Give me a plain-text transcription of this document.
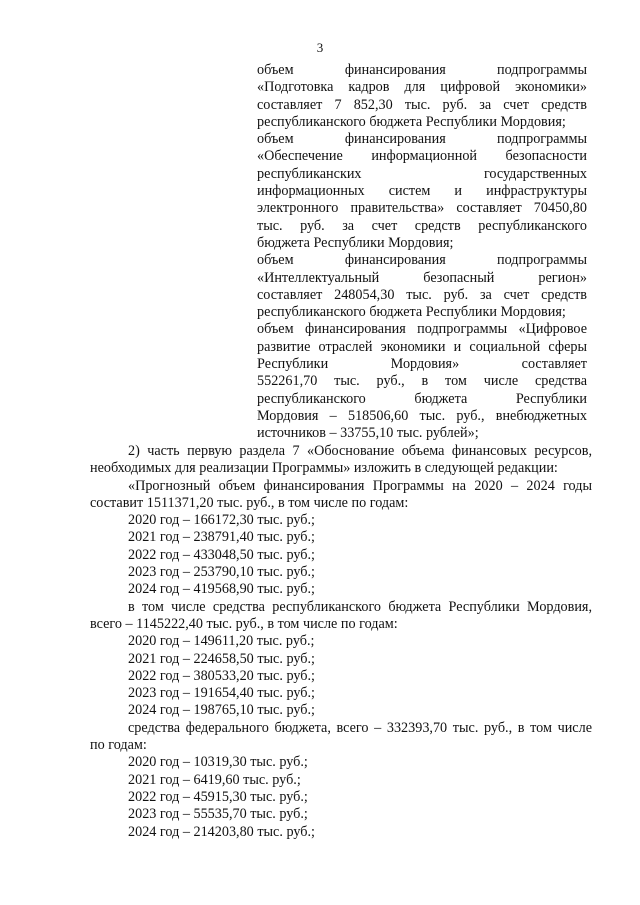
3
объем финансирования подпрограммы
«Подготовка кадров для цифровой экономики»
составляет 7 852,30 тыс. руб. за счет средств
республиканского бюджета Республики Мордовия;
объем финансирования подпрограммы
«Обеспечение информационной безопасности
республиканских государственных
информационных систем и инфраструктуры
электронного правительства» составляет 70450,80
тыс. руб. за счет средств республиканского
бюджета Республики Мордовия;
объем финансирования подпрограммы
«Интеллектуальный безопасный регион»
составляет 248054,30 тыс. руб. за счет средств
республиканского бюджета Республики Мордовия;
объем финансирования подпрограммы «Цифровое
развитие отраслей экономики и социальной сферы
Республики Мордовия» составляет
552261,70 тыс. руб., в том числе средства
республиканского бюджета Республики
Мордовия – 518506,60 тыс. руб., внебюджетных
источников – 33755,10 тыс. рублей»;
2) часть первую раздела 7 «Обоснование объема финансовых ресурсов,
необходимых для реализации Программы» изложить в следующей редакции:
«Прогнозный объем финансирования Программы на 2020 – 2024 годы
составит 1511371,20 тыс. руб., в том числе по годам:
2020 год – 166172,30 тыс. руб.;
2021 год – 238791,40 тыс. руб.;
2022 год – 433048,50 тыс. руб.;
2023 год – 253790,10 тыс. руб.;
2024 год – 419568,90 тыс. руб.;
в том числе средства республиканского бюджета Республики Мордовия,
всего – 1145222,40 тыс. руб., в том числе по годам:
2020 год – 149611,20 тыс. руб.;
2021 год – 224658,50 тыс. руб.;
2022 год – 380533,20 тыс. руб.;
2023 год – 191654,40 тыс. руб.;
2024 год – 198765,10 тыс. руб.;
средства федерального бюджета, всего – 332393,70 тыс. руб., в том числе
по годам:
2020 год – 10319,30 тыс. руб.;
2021 год – 6419,60 тыс. руб.;
2022 год – 45915,30 тыс. руб.;
2023 год – 55535,70 тыс. руб.;
2024 год – 214203,80 тыс. руб.;
